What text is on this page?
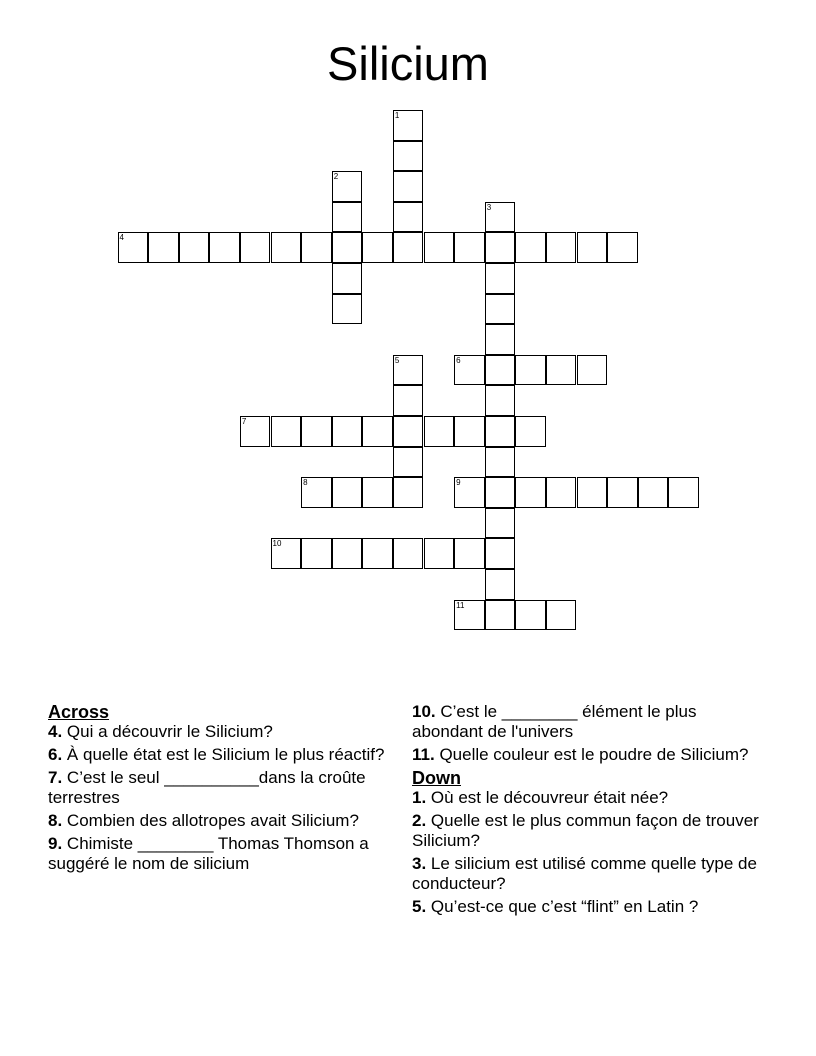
Silicium
1
2
3
4
5	6
7
8	9
10
11
Across
4. Qui a découvrir le Silicium?
6. À quelle état est le Silicium le plus réactif?
7. C’est le seul __________dans la croûte terrestres
8. Combien des allotropes avait Silicium?
9. Chimiste ________ Thomas Thomson a suggéré le nom de silicium
10. C’est le ________ élément le plus abondant de l'univers
11. Quelle couleur est le poudre de Silicium?
Down
1. Où est le découvreur était née?
2. Quelle est le plus commun façon de trouver Silicium?
3. Le silicium est utilisé comme quelle type de conducteur?
5. Qu’est-ce que c’est “flint” en Latin ?
